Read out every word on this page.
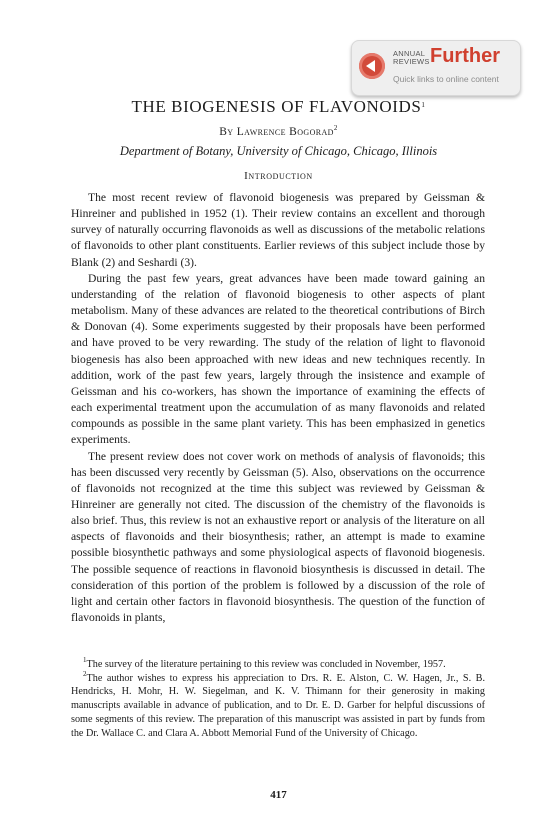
ANNUAL REVIEWS Further
Quick links to online content
THE BIOGENESIS OF FLAVONOIDS$^1$
By Lawrence Bogorad$^2$
Department of Botany, University of Chicago, Chicago, Illinois
Introduction

The most recent review of flavonoid biogenesis was prepared by Geissman & Hinreiner and published in 1952 (1). Their review contains an excellent and thorough survey of naturally occurring flavonoids as well as discussions of the metabolic relations of flavonoids to other plant constituents. Earlier reviews of this subject include those by Blank (2) and Seshardi (3).

During the past few years, great advances have been made toward gaining an understanding of the relation of flavonoid biogenesis to other aspects of plant metabolism. Many of these advances are related to the theoretical contributions of Birch & Donovan (4). Some experiments suggested by their proposals have been performed and have proved to be very rewarding. The study of the relation of light to flavonoid biogenesis has also been approached with new ideas and new techniques recently. In addition, work of the past few years, largely through the insistence and example of Geissman and his co-workers, has shown the importance of examining the effects of each experimental treatment upon the accumulation of as many flavonoids and related compounds as possible in the same plant variety. This has been emphasized in genetics experiments.

The present review does not cover work on methods of analysis of flavonoids; this has been discussed very recently by Geissman (5). Also, observations on the occurrence of flavonoids not recognized at the time this subject was reviewed by Geissman & Hinreiner are generally not cited. The discussion of the chemistry of the flavonoids is also brief. Thus, this review is not an exhaustive report or analysis of the literature on all aspects of flavonoids and their biosynthesis; rather, an attempt is made to examine possible biosynthetic pathways and some physiological aspects of flavonoid biogenesis. The possible sequence of reactions in flavonoid biosynthesis is discussed in detail. The consideration of this portion of the problem is followed by a discussion of the role of light and certain other factors in flavonoid biosynthesis. The question of the function of flavonoids in plants,

$^1$The survey of the literature pertaining to this review was concluded in November, 1957.

$^2$The author wishes to express his appreciation to Drs. R. E. Alston, C. W. Hagen, Jr., S. B. Hendricks, H. Mohr, H. W. Siegelman, and K. V. Thimann for their generosity in making manuscripts available in advance of publication, and to Dr. E. D. Garber for helpful discussions of some segments of this review. The preparation of this manuscript was assisted in part by funds from the Dr. Wallace C. and Clara A. Abbott Memorial Fund of the University of Chicago.

417
